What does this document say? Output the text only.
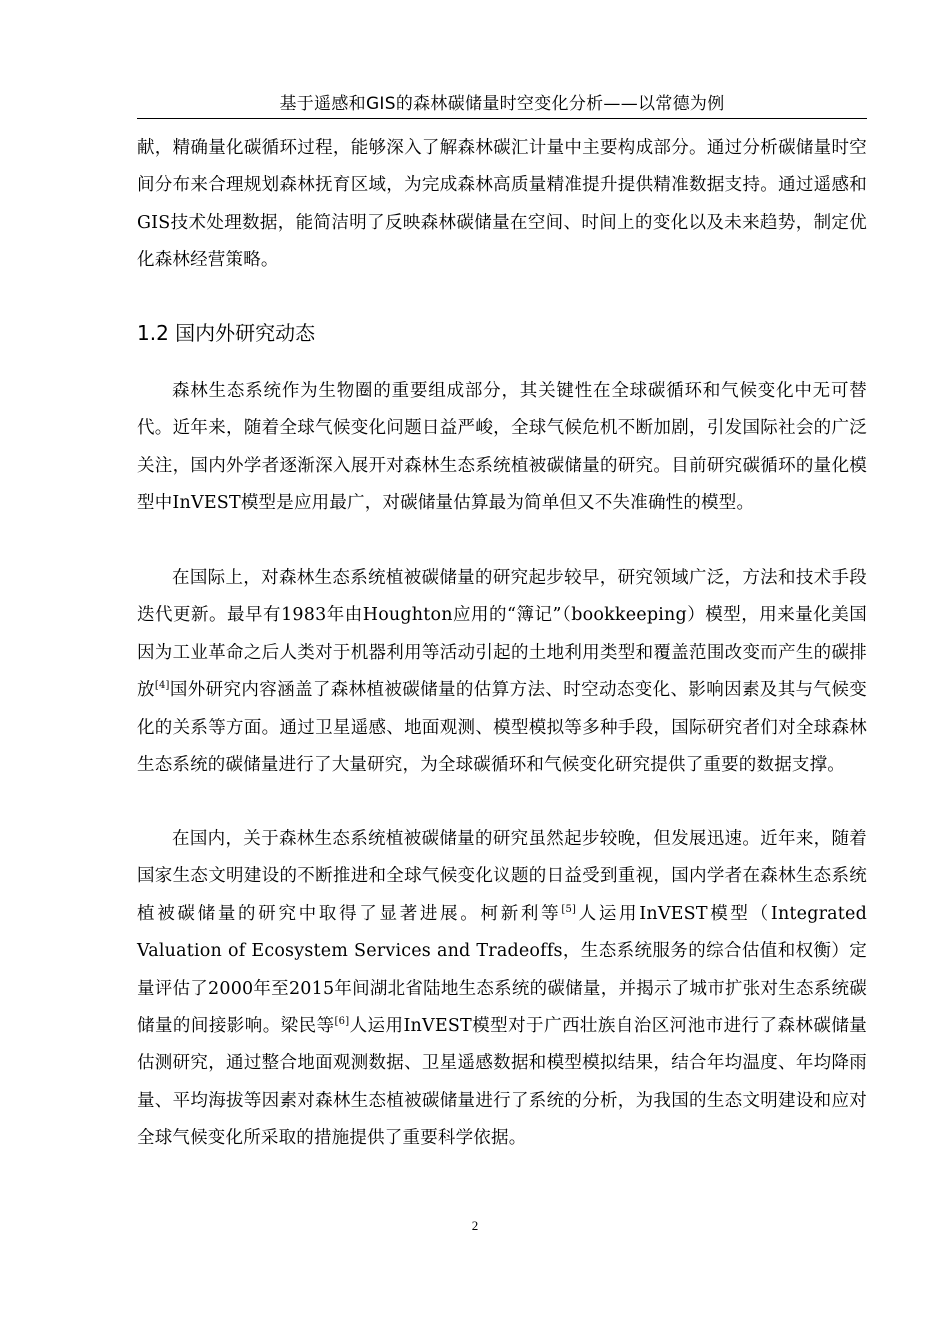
基于遥感和GIS的森林碳储量时空变化分析——以常德为例

献，精确量化碳循环过程，能够深入了解森林碳汇计量中主要构成部分。通过分析碳储量时空间分布来合理规划森林抚育区域，为完成森林高质量精准提升提供精准数据支持。通过遥感和GIS技术处理数据，能简洁明了反映森林碳储量在空间、时间上的变化以及未来趋势，制定优化森林经营策略。

1.2 国内外研究动态

森林生态系统作为生物圈的重要组成部分，其关键性在全球碳循环和气候变化中无可替代。近年来，随着全球气候变化问题日益严峻，全球气候危机不断加剧，引发国际社会的广泛关注，国内外学者逐渐深入展开对森林生态系统植被碳储量的研究。目前研究碳循环的量化模型中InVEST模型是应用最广，对碳储量估算最为简单但又不失准确性的模型。

在国际上，对森林生态系统植被碳储量的研究起步较早，研究领域广泛，方法和技术手段迭代更新。最早有1983年由Houghton应用的“簿记”（bookkeeping）模型，用来量化美国因为工业革命之后人类对于机器利用等活动引起的土地利用类型和覆盖范围改变而产生的碳排放[4]国外研究内容涵盖了森林植被碳储量的估算方法、时空动态变化、影响因素及其与气候变化的关系等方面。通过卫星遥感、地面观测、模型模拟等多种手段，国际研究者们对全球森林生态系统的碳储量进行了大量研究，为全球碳循环和气候变化研究提供了重要的数据支撑。

在国内，关于森林生态系统植被碳储量的研究虽然起步较晚，但发展迅速。近年来，随着国家生态文明建设的不断推进和全球气候变化议题的日益受到重视，国内学者在森林生态系统植被碳储量的研究中取得了显著进展。柯新利等[5]人运用InVEST模型（Integrated Valuation of Ecosystem Services and Tradeoffs，生态系统服务的综合估值和权衡）定量评估了2000年至2015年间湖北省陆地生态系统的碳储量，并揭示了城市扩张对生态系统碳储量的间接影响。梁民等[6]人运用InVEST模型对于广西壮族自治区河池市进行了森林碳储量估测研究，通过整合地面观测数据、卫星遥感数据和模型模拟结果，结合年均温度、年均降雨量、平均海拔等因素对森林生态植被碳储量进行了系统的分析，为我国的生态文明建设和应对全球气候变化所采取的措施提供了重要科学依据。

2
